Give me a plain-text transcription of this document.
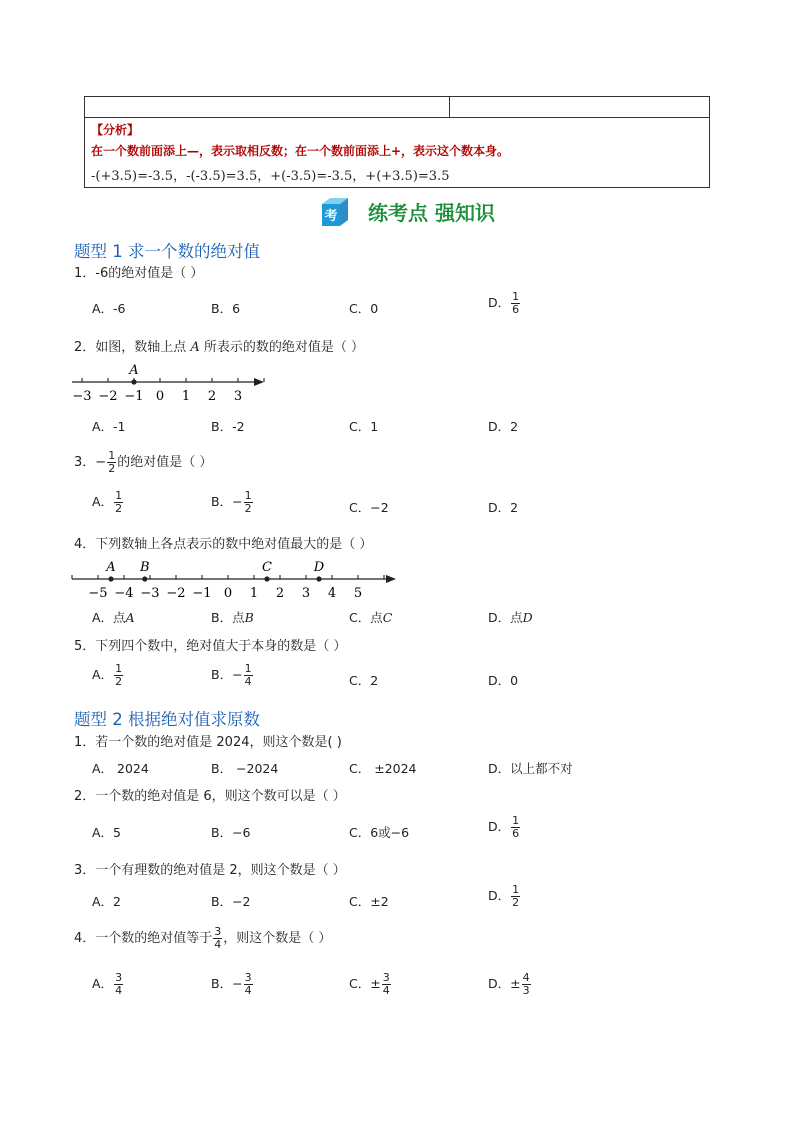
【分析】
在一个数前面添上—，表示取相反数；在一个数前面添上+，表示这个数本身。
-(+3.5)=-3.5，-(-3.5)=3.5，+(-3.5)=-3.5，+(+3.5)=3.5
考 练考点 强知识
题型 1 求一个数的绝对值
1．-6的绝对值是（ ）
A．-6	B．6	C．0	D． $\frac{1}{6}$
2．如图，数轴上点 A 所表示的数的绝对值是（ ）
−3 −2 −1 0 1 2 3
A
A．-1	B．-2	C．1	D．2
3．− $\frac{1}{2}$ 的绝对值是（ ）
A． $\frac{1}{2}$	B．− $\frac{1}{2}$	C．−2	D．2
4．下列数轴上各点表示的数中绝对值最大的是（ ）
−5 −4 −3 −2 −1 0 1 2 3 4 5
A B	C	D
A．点A	B．点B	C．点C	D．点D
5．下列四个数中，绝对值大于本身的数是（ ）
A． $\frac{1}{2}$	B．− $\frac{1}{4}$	C．2	D．0
题型 2 根据绝对值求原数
1．若一个数的绝对值是 2024，则这个数是( )
A． 2024	B． −2024	C． ±2024	D．以上都不对
2．一个数的绝对值是 6，则这个数可以是（ ）
A．5	B．−6	C．6或−6	D． $\frac{1}{6}$
3．一个有理数的绝对值是 2，则这个数是（ ）
A．2	B．−2	C．±2	D． $\frac{1}{2}$
4．一个数的绝对值等于 $\frac{3}{4}$ ，则这个数是（ ）
A． $\frac{3}{4}$	B．− $\frac{3}{4}$	C．± $\frac{3}{4}$	D．± $\frac{4}{3}$
